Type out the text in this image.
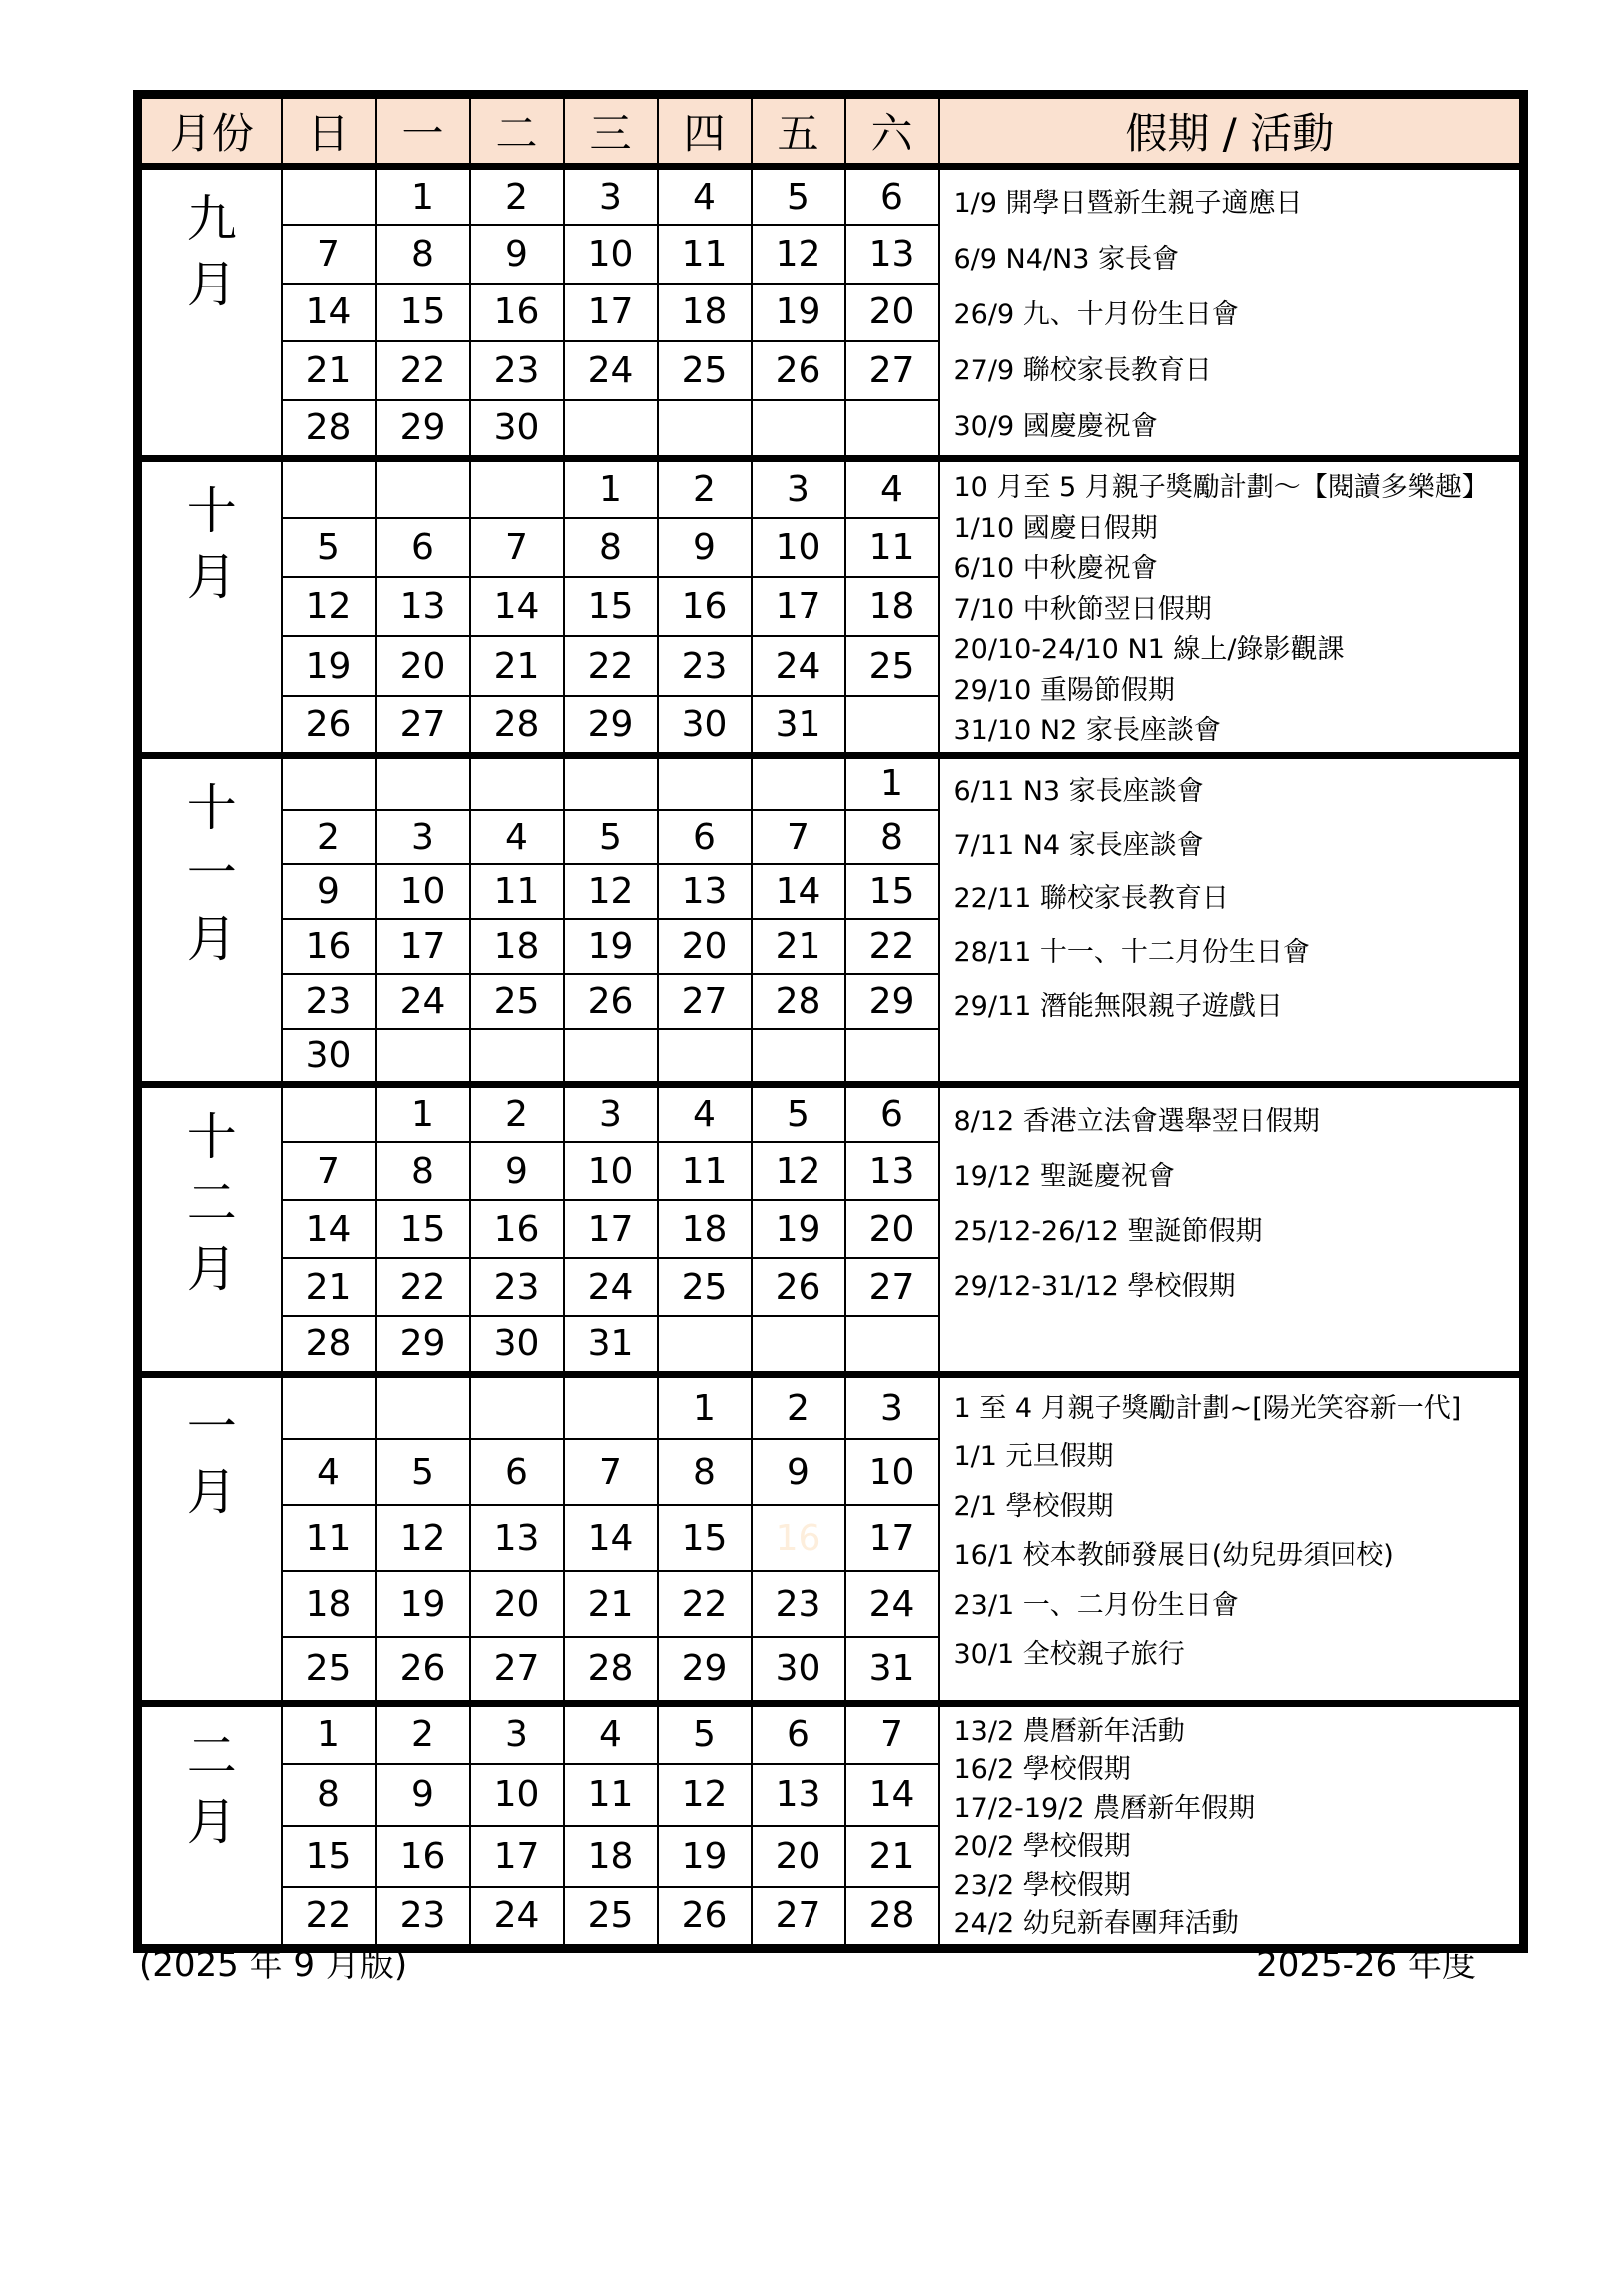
月份	日	一	二	三	四	五	六	假期 / 活動

九
月
		1	2	3	4	5	6	1/9 開學日暨新生親子適應日
6/9 N4/N3 家長會
26/9 九、十月份生日會
27/9 聯校家長教育日
30/9 國慶慶祝會

	7	8	9	10	11	12	13	
	14	15	16	17	18	19	20	
	21	22	23	24	25	26	27	
	28	29	30					

十
月
				1	2	3	4	10 月至 5 月親子獎勵計劃～【閱讀多樂趣】
1/10 國慶日假期
6/10 中秋慶祝會
7/10 中秋節翌日假期
20/10-24/10 N1 線上/錄影觀課
29/10 重陽節假期
31/10 N2 家長座談會

	5	6	7	8	9	10	11	
	12	13	14	15	16	17	18	
	19	20	21	22	23	24	25	
	26	27	28	29	30	31		

十
一
月
							1	6/11 N3 家長座談會
7/11 N4 家長座談會
22/11 聯校家長教育日
28/11 十一、十二月份生日會
29/11 潛能無限親子遊戲日

	2	3	4	5	6	7	8	
	9	10	11	12	13	14	15	
	16	17	18	19	20	21	22	
	23	24	25	26	27	28	29	
	30							

十
二
月
		1	2	3	4	5	6	8/12 香港立法會選舉翌日假期
19/12 聖誕慶祝會
25/12-26/12 聖誕節假期
29/12-31/12 學校假期

	7	8	9	10	11	12	13	
	14	15	16	17	18	19	20	
	21	22	23	24	25	26	27	
	28	29	30	31				

一
月
					1	2	3	1 至 4 月親子獎勵計劃~[陽光笑容新一代]
1/1 元旦假期
2/1 學校假期
16/1 校本教師發展日(幼兒毋須回校)
23/1 一、二月份生日會
30/1 全校親子旅行

	4	5	6	7	8	9	10	
	11	12	13	14	15	16	17	
	18	19	20	21	22	23	24	
	25	26	27	28	29	30	31	

二
月
	1	2	3	4	5	6	7	13/2 農曆新年活動
16/2 學校假期
17/2-19/2 農曆新年假期
20/2 學校假期
23/2 學校假期
24/2 幼兒新春團拜活動

	8	9	10	11	12	13	14	
	15	16	17	18	19	20	21	
	22	23	24	25	26	27	28	
(2025 年 9 月版)	2025-26 年度
